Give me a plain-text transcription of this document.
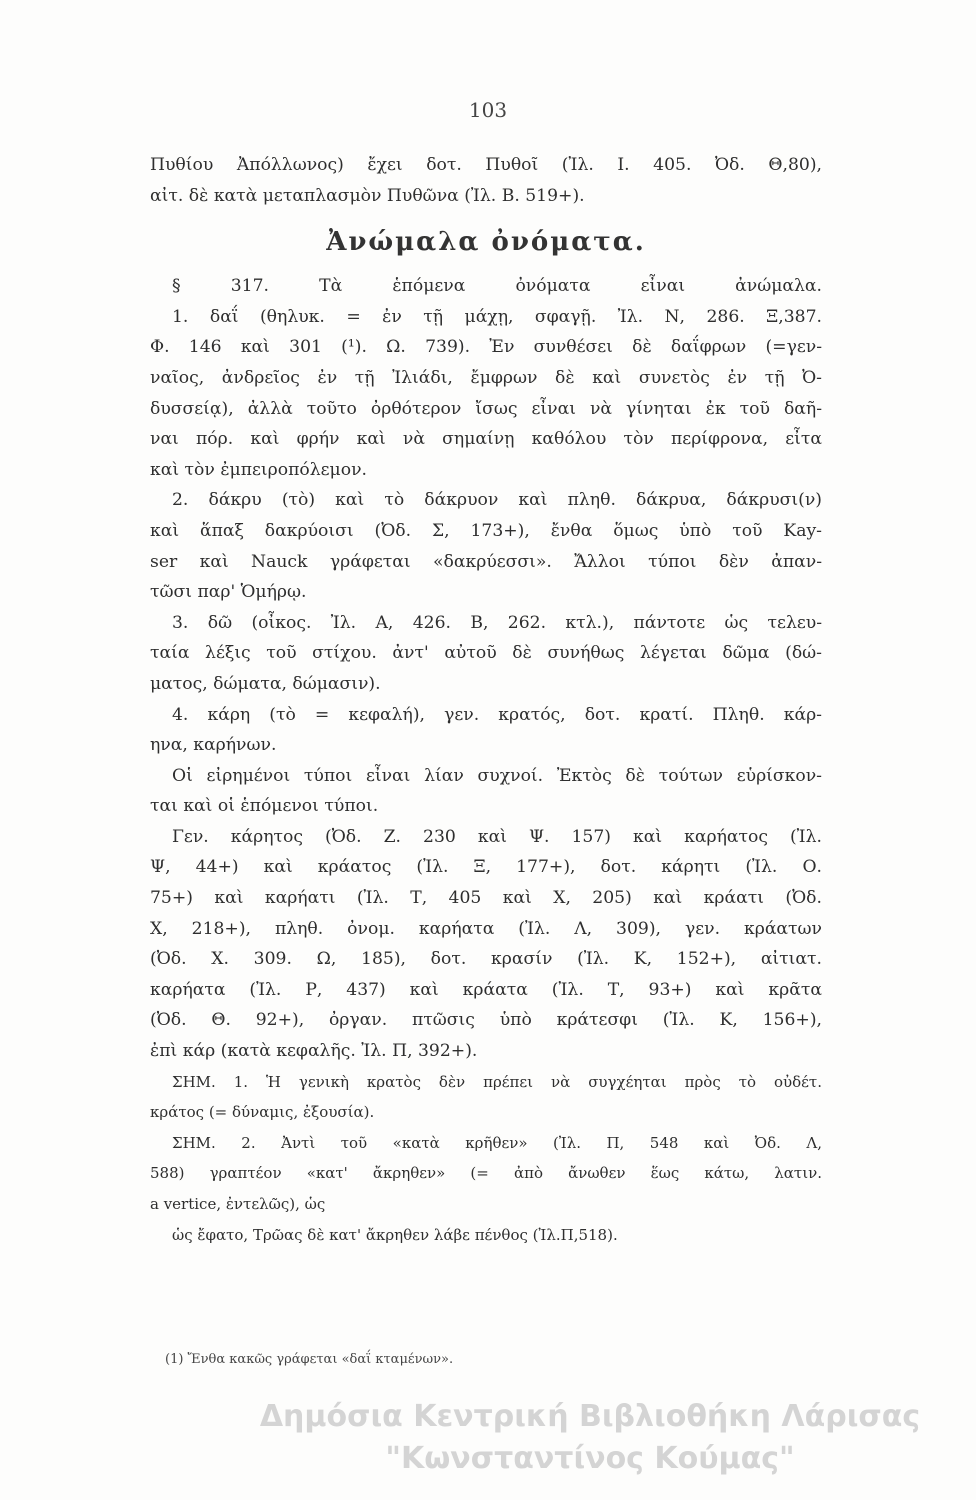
103
Πυθίου Ἀπόλλωνος) ἔχει δοτ. Πυθοῖ (Ἰλ. Ι. 405. Ὀδ. Θ,80),
αἰτ. δὲ κατὰ μεταπλασμὸν Πυθῶνα (Ἰλ. Β. 519+).
Ἀνώμαλα ὀνόματα.
§ 317. Τὰ ἑπόμενα ὀνόματα εἶναι ἀνώμαλα.
1. δαΐ (θηλυκ. = ἐν τῇ μάχῃ, σφαγῇ. Ἰλ. Ν, 286. Ξ,387.
Φ. 146 καὶ 301 (¹). Ω. 739). Ἐν συνθέσει δὲ δαΐφρων (=γεν-
ναῖος, ἀνδρεῖος ἐν τῇ Ἰλιάδι, ἔμφρων δὲ καὶ συνετὸς ἐν τῇ Ὀ-
δυσσείᾳ), ἀλλὰ τοῦτο ὀρθότερον ἴσως εἶναι νὰ γίνηται ἐκ τοῦ δαῆ-
ναι πόρ. καὶ φρήν καὶ νὰ σημαίνῃ καθόλου τὸν περίφρονα, εἶτα
καὶ τὸν ἐμπειροπόλεμον.
2. δάκρυ (τὸ) καὶ τὸ δάκρυον καὶ πληθ. δάκρυα, δάκρυσι(ν)
καὶ ἅπαξ δακρύοισι (Ὀδ. Σ, 173+), ἔνθα ὅμως ὑπὸ τοῦ Kay-
ser καὶ Nauck γράφεται «δακρύεσσι». Ἄλλοι τύποι δὲν ἀπαν-
τῶσι παρ' Ὁμήρῳ.
3. δῶ (οἶκος. Ἰλ. Α, 426. Β, 262. κτλ.), πάντοτε ὡς τελευ-
ταία λέξις τοῦ στίχου. ἀντ' αὐτοῦ δὲ συνήθως λέγεται δῶμα (δώ-
ματος, δώματα, δώμασιν).
4. κάρη (τὸ = κεφαλή), γεν. κρατός, δοτ. κρατί. Πληθ. κάρ-
ηνα, καρήνων.
Οἱ εἰρημένοι τύποι εἶναι λίαν συχνοί. Ἐκτὸς δὲ τούτων εὑρίσκον-
ται καὶ οἱ ἑπόμενοι τύποι.
Γεν. κάρητος (Ὀδ. Ζ. 230 καὶ Ψ. 157) καὶ καρήατος (Ἰλ.
Ψ, 44+) καὶ κράατος (Ἰλ. Ξ, 177+), δοτ. κάρητι (Ἰλ. Ο.
75+) καὶ καρήατι (Ἰλ. Τ, 405 καὶ Χ, 205) καὶ κράατι (Ὀδ.
Χ, 218+), πληθ. ὀνομ. καρήατα (Ἰλ. Λ, 309), γεν. κράατων
(Ὀδ. Χ. 309. Ω, 185), δοτ. κρασίν (Ἰλ. Κ, 152+), αἰτιατ.
καρήατα (Ἰλ. Ρ, 437) καὶ κράατα (Ἰλ. Τ, 93+) καὶ κρᾶτα
(Ὀδ. Θ. 92+), ὀργαν. πτῶσις ὑπὸ κράτεσφι (Ἰλ. Κ, 156+),
ἐπὶ κάρ (κατὰ κεφαλῆς. Ἰλ. Π, 392+).
ΣΗΜ. 1. Ἡ γενικὴ κρατὸς δὲν πρέπει νὰ συγχέηται πρὸς τὸ οὐδέτ.
κράτος (= δύναμις, ἐξουσία).
ΣΗΜ. 2. Ἀντὶ τοῦ «κατὰ κρῆθεν» (Ἰλ. Π, 548 καὶ Ὀδ. Λ,
588) γραπτέον «κατ' ἄκρηθεν» (= ἀπὸ ἄνωθεν ἕως κάτω, λατιν.
a vertice, ἐντελῶς), ὡς
ὡς ἔφατο, Τρῶας δὲ κατ' ἄκρηθεν λάβε πένθος (Ἰλ.Π,518).
(1) Ἔνθα κακῶς γράφεται «δαΐ κταμένων».
Δημόσια Κεντρική Βιβλιοθήκη Λάρισας
"Κωνσταντίνος Κούμας"
